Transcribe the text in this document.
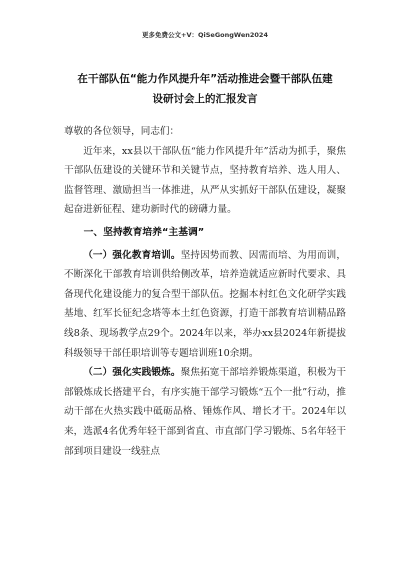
更多免费公文+V：QiSeGongWen2024
在干部队伍“能力作风提升年”活动推进会暨干部队伍建
设研讨会上的汇报发言

尊敬的各位领导，同志们：

近年来，xx县以干部队伍“能力作风提升年”活动为抓手，聚焦干部队伍建设的关键环节和关键节点，坚持教育培养、选人用人、监督管理、激励担当一体推进，从严从实抓好干部队伍建设，凝聚起奋进新征程、建功新时代的磅礴力量。

一、坚持教育培养“主基调”

（一）强化教育培训。坚持因势而教、因需而培、为用而训，不断深化干部教育培训供给侧改革，培养造就适应新时代要求、具备现代化建设能力的复合型干部队伍。挖掘本村红色文化研学实践基地、红军长征纪念塔等本土红色资源，打造干部教育培训精品路线8条、现场教学点29个。2024年以来，举办xx县2024年新提拔科级领导干部任职培训等专题培训班10余期。

（二）强化实践锻炼。聚焦拓宽干部培养锻炼渠道，积极为干部锻炼成长搭建平台，有序实施干部学习锻炼“五个一批”行动，推动干部在火热实践中砥砺品格、锤炼作风、增长才干。2024年以来，选派4名优秀年轻干部到省直、市直部门学习锻炼、5名年轻干部到项目建设一线驻点
